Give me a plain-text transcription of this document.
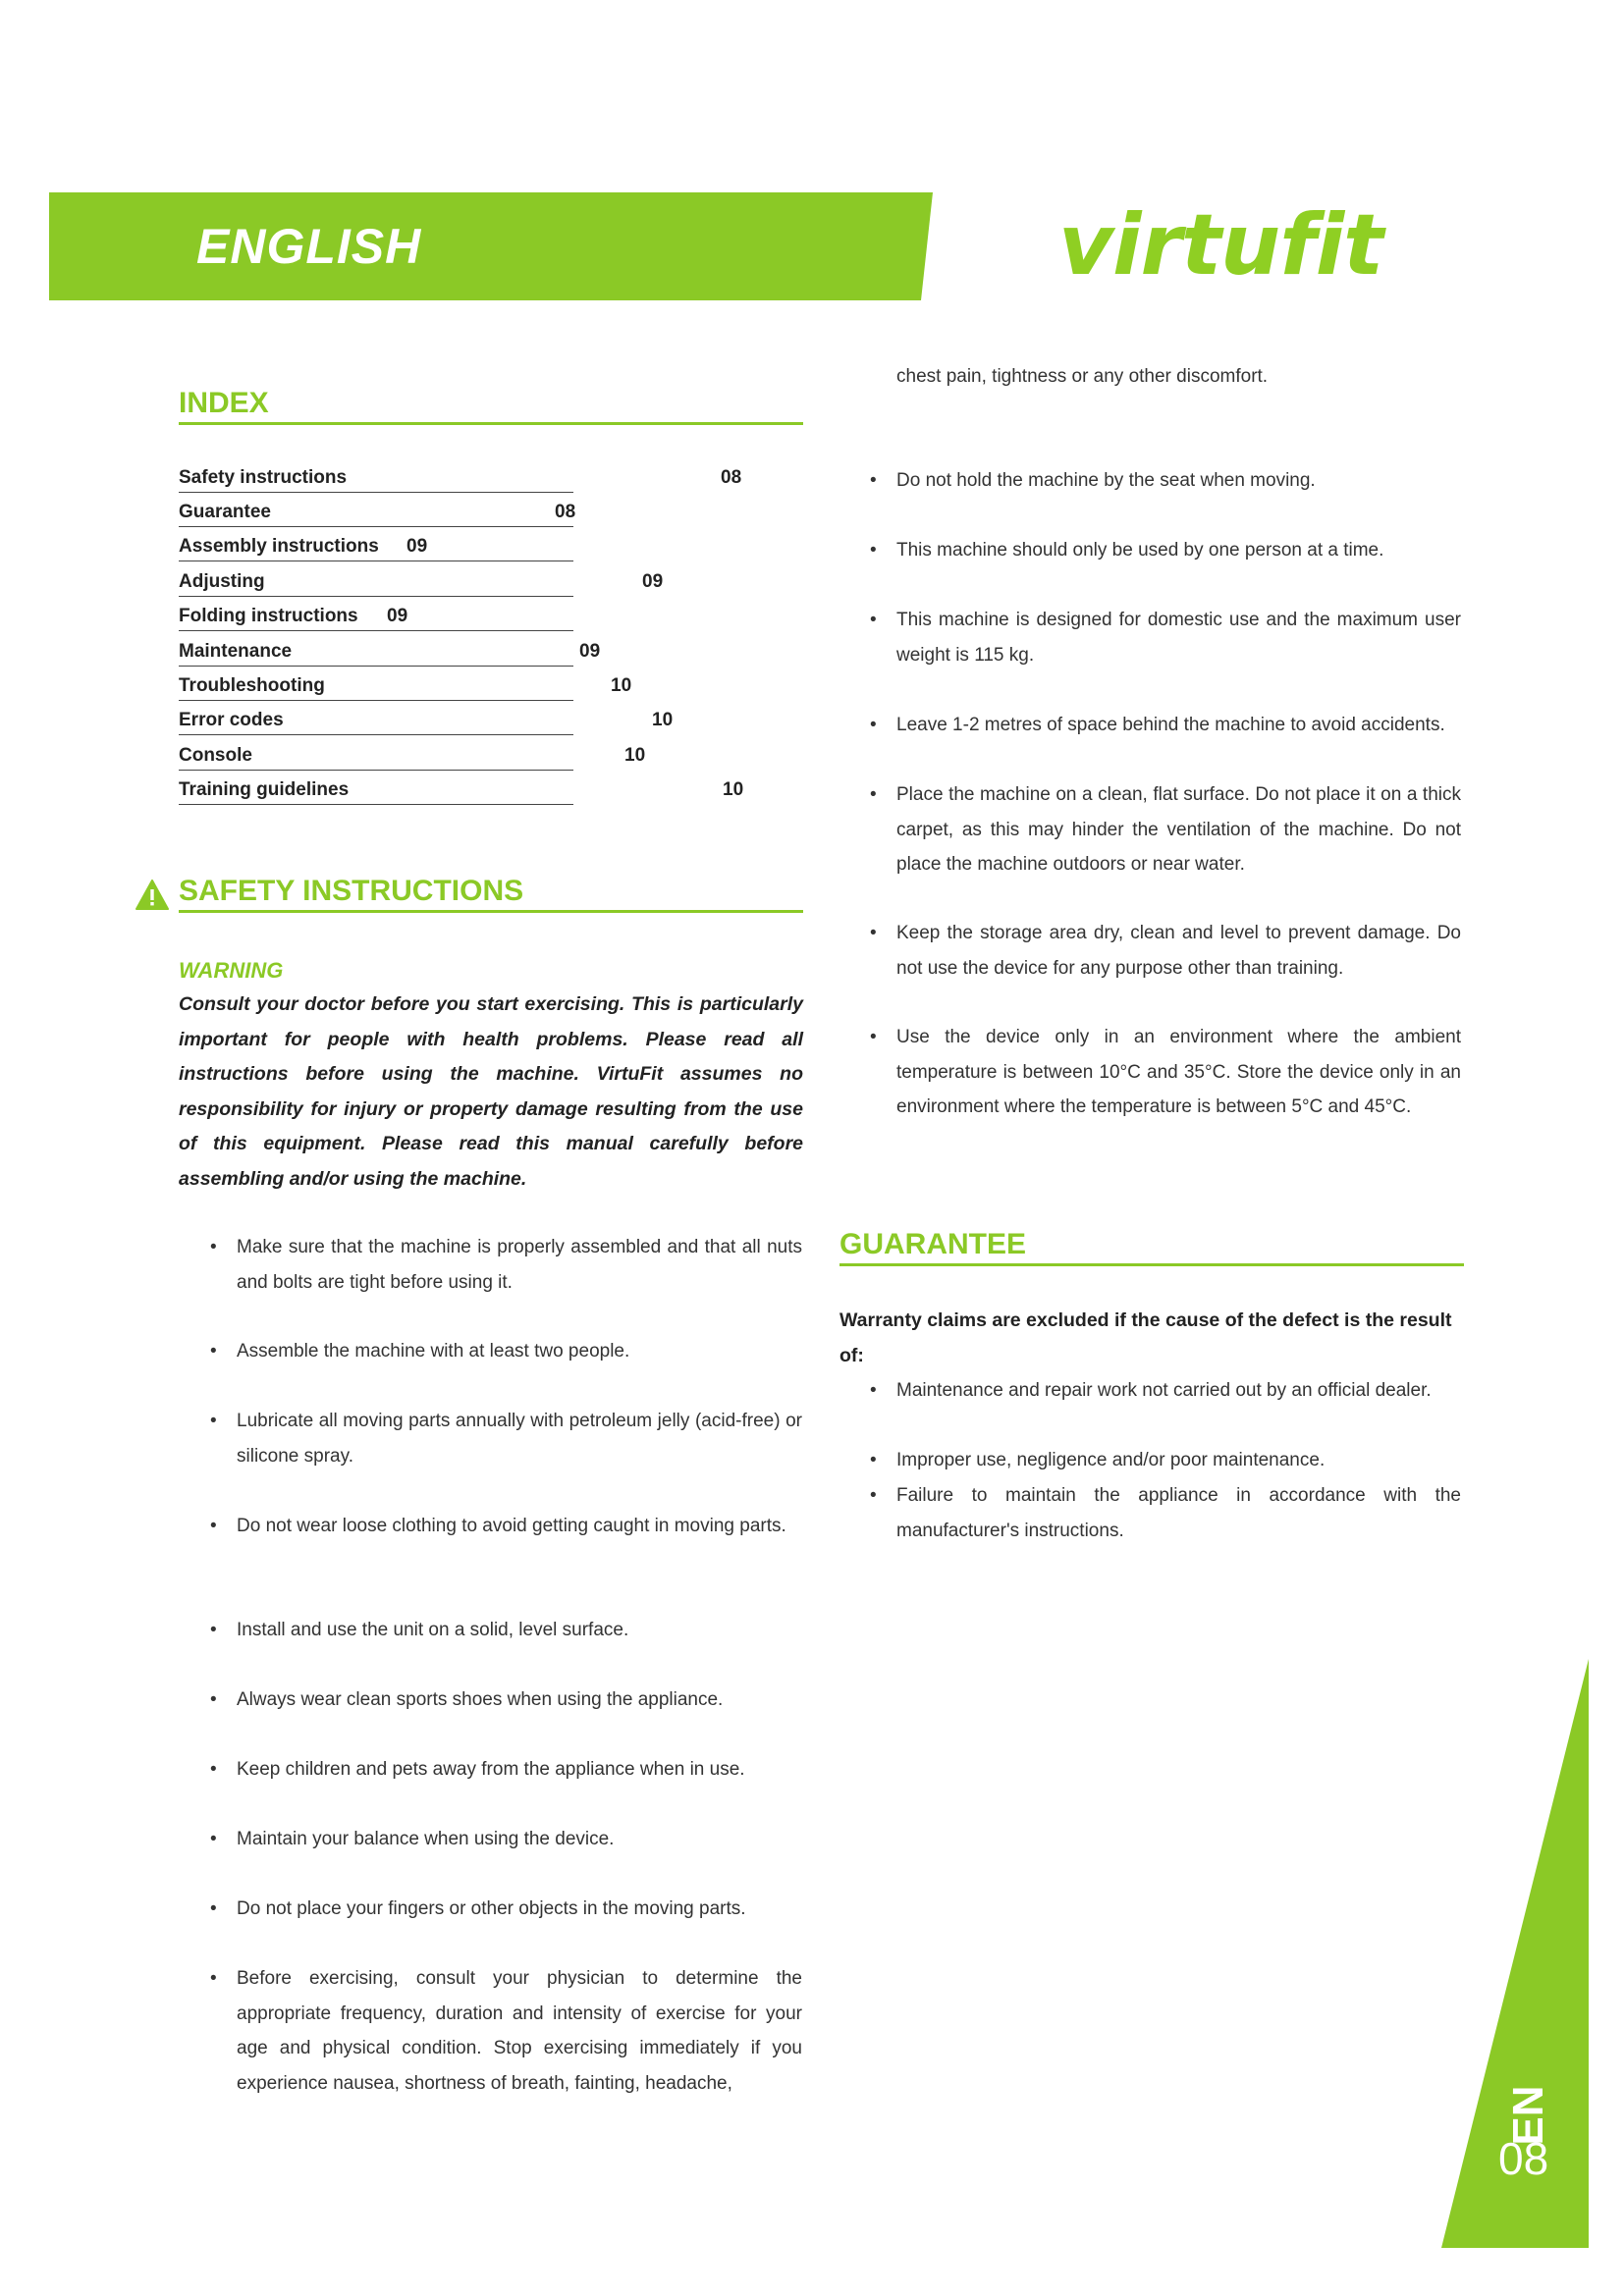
ENGLISH	virtufit
INDEX
Safety instructions	08
Guarantee	08
Assembly instructions	09
Adjusting	09
Folding instructions	09
Maintenance	09
Troubleshooting	10
Error codes	10
Console	10
Training guidelines	10
SAFETY INSTRUCTIONS
WARNING
Consult your doctor before you start exercising. This is particularly important for people with health problems. Please read all instructions before using the machine. VirtuFit assumes no responsibility for injury or property damage resulting from the use of this equipment. Please read this manual carefully before assembling and/or using the machine.
• Make sure that the machine is properly assembled and that all nuts and bolts are tight before using it.
• Assemble the machine with at least two people.
• Lubricate all moving parts annually with petroleum jelly (acid-free) or silicone spray.
• Do not wear loose clothing to avoid getting caught in moving parts.
• Install and use the unit on a solid, level surface.
• Always wear clean sports shoes when using the appliance.
• Keep children and pets away from the appliance when in use.
• Maintain your balance when using the device.
• Do not place your fingers or other objects in the moving parts.
• Before exercising, consult your physician to determine the appropriate frequency, duration and intensity of exercise for your age and physical condition. Stop exercising immediately if you experience nausea, shortness of breath, fainting, headache,
chest pain, tightness or any other discomfort.
• Do not hold the machine by the seat when moving.
• This machine should only be used by one person at a time.
• This machine is designed for domestic use and the maximum user weight is 115 kg.
• Leave 1-2 metres of space behind the machine to avoid accidents.
• Place the machine on a clean, flat surface. Do not place it on a thick carpet, as this may hinder the ventilation of the machine. Do not place the machine outdoors or near water.
• Keep the storage area dry, clean and level to prevent damage. Do not use the device for any purpose other than training.
• Use the device only in an environment where the ambient temperature is between 10°C and 35°C. Store the device only in an environment where the temperature is between 5°C and 45°C.
GUARANTEE
Warranty claims are excluded if the cause of the defect is the result of:
• Maintenance and repair work not carried out by an official dealer.
• Improper use, negligence and/or poor maintenance.
• Failure to maintain the appliance in accordance with the manufacturer's instructions.
EN
08
